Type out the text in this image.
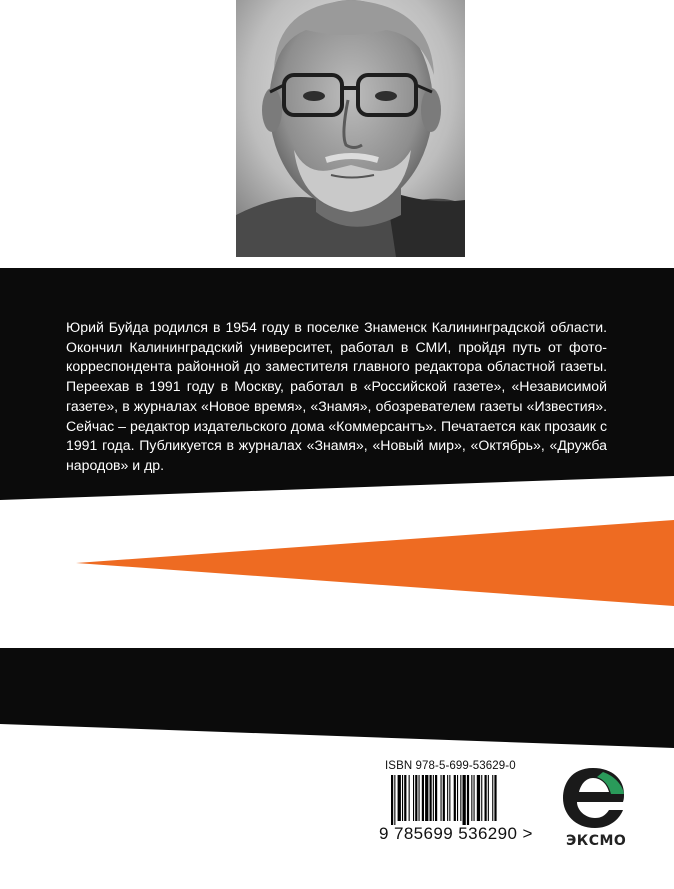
Юрий Буйда родился в 1954 году в поселке Знаменск Калининградской области. Окончил Калининградский университет, работал в СМИ, пройдя путь от фотокорреспондента районной до заместителя главного редактора областной газеты. Переехав в 1991 году в Москву, работал в «Российской газете», «Независимой газете», в журналах «Новое время», «Знамя», обозревателем газеты «Известия». Сейчас – редактор издательского дома «Коммерсантъ». Печатается как прозаик с 1991 года. Публикуется в журналах «Знамя», «Новый мир», «Октябрь», «Дружба народов» и др.

ISBN 978-5-699-53629-0
9 785699 536290 > ЭКСМО
